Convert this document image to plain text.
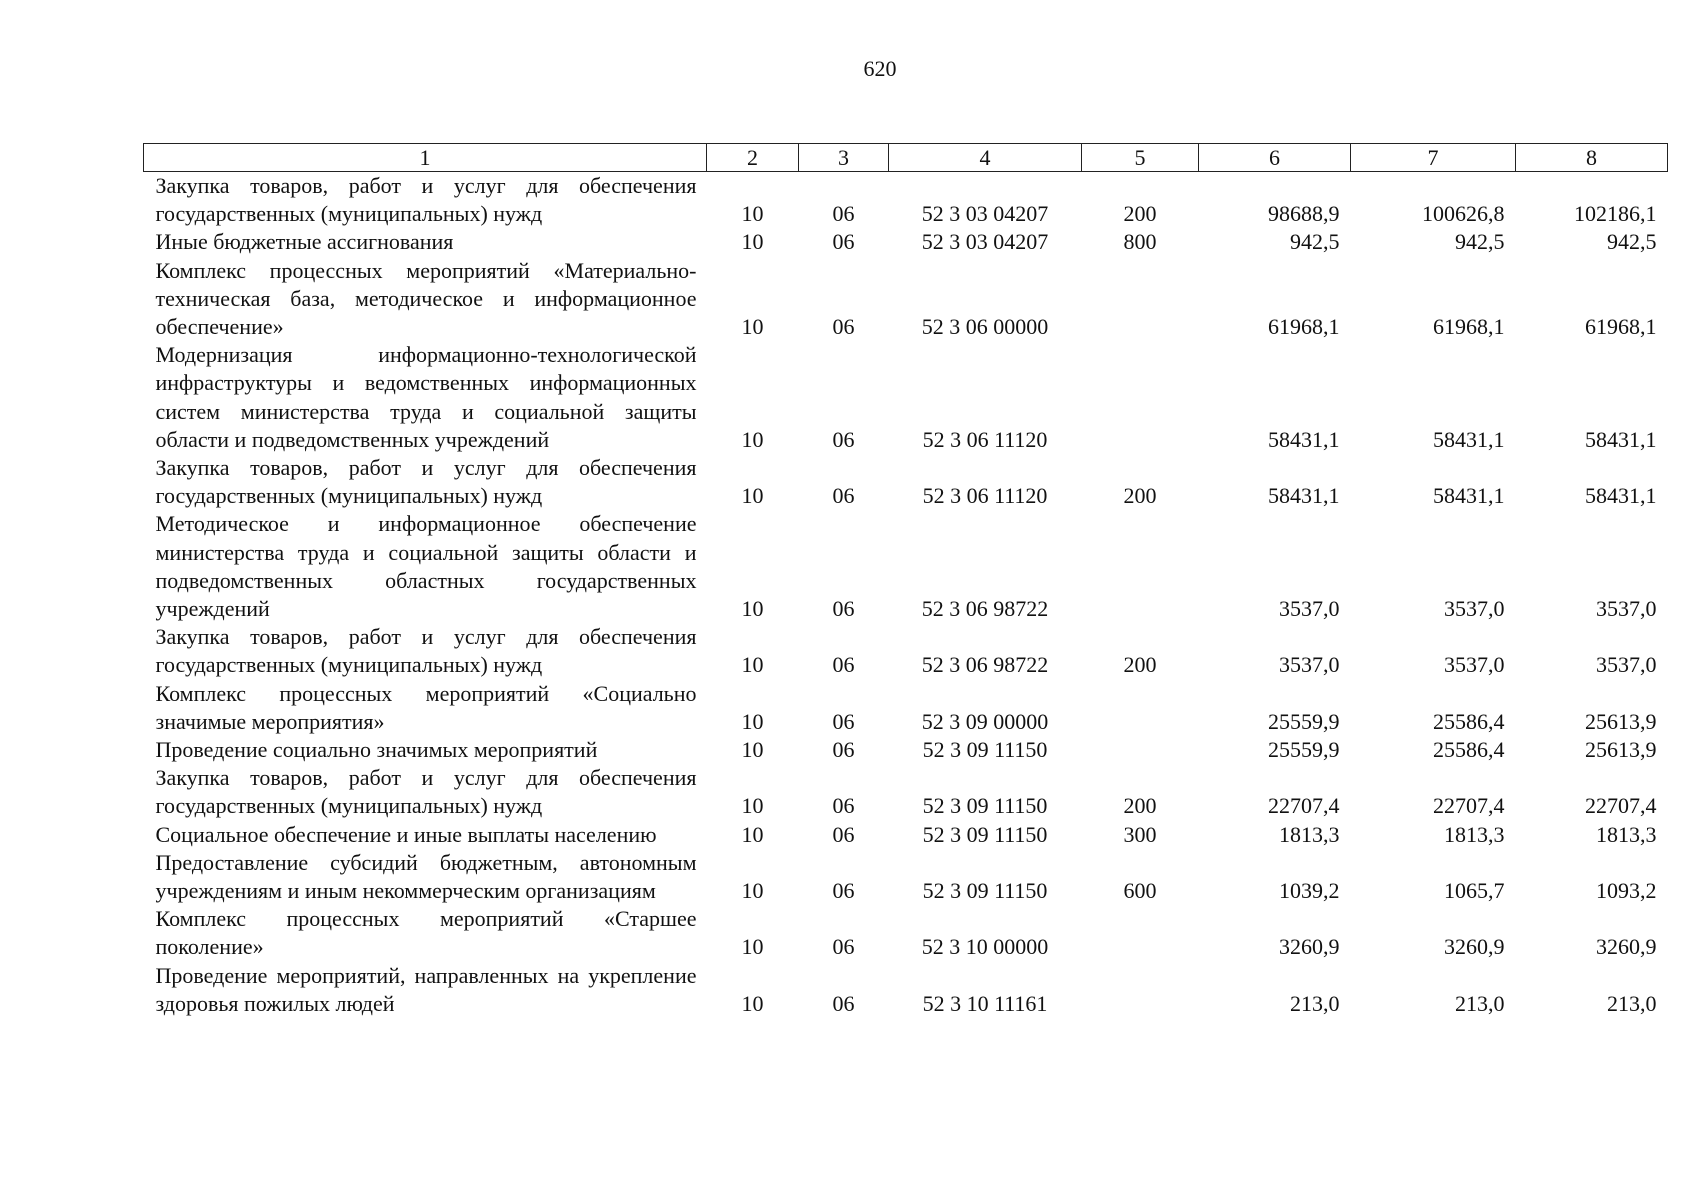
620
1	2	3	4	5	6	7	8
Закупка товаров, работ и услуг для обеспечения государственных (муниципальных) нужд	10	06	52 3 03 04207	200	98688,9	100626,8	102186,1
Иные бюджетные ассигнования	10	06	52 3 03 04207	800	942,5	942,5	942,5
Комплекс процессных мероприятий «Материально-техническая база, методическое и информационное обеспечение»	10	06	52 3 06 00000		61968,1	61968,1	61968,1
Модернизация информационно-технологической инфраструктуры и ведомственных информационных систем министерства труда и социальной защиты области и подведомственных учреждений	10	06	52 3 06 11120		58431,1	58431,1	58431,1
Закупка товаров, работ и услуг для обеспечения государственных (муниципальных) нужд	10	06	52 3 06 11120	200	58431,1	58431,1	58431,1
Методическое и информационное обеспечение министерства труда и социальной защиты области и подведомственных областных государственных учреждений	10	06	52 3 06 98722		3537,0	3537,0	3537,0
Закупка товаров, работ и услуг для обеспечения государственных (муниципальных) нужд	10	06	52 3 06 98722	200	3537,0	3537,0	3537,0
Комплекс процессных мероприятий «Социально значимые мероприятия»	10	06	52 3 09 00000		25559,9	25586,4	25613,9
Проведение социально значимых мероприятий	10	06	52 3 09 11150		25559,9	25586,4	25613,9
Закупка товаров, работ и услуг для обеспечения государственных (муниципальных) нужд	10	06	52 3 09 11150	200	22707,4	22707,4	22707,4
Социальное обеспечение и иные выплаты населению	10	06	52 3 09 11150	300	1813,3	1813,3	1813,3
Предоставление субсидий бюджетным, автономным учреждениям и иным некоммерческим организациям	10	06	52 3 09 11150	600	1039,2	1065,7	1093,2
Комплекс процессных мероприятий «Старшее поколение»	10	06	52 3 10 00000		3260,9	3260,9	3260,9
Проведение мероприятий, направленных на укрепление здоровья пожилых людей	10	06	52 3 10 11161		213,0	213,0	213,0
